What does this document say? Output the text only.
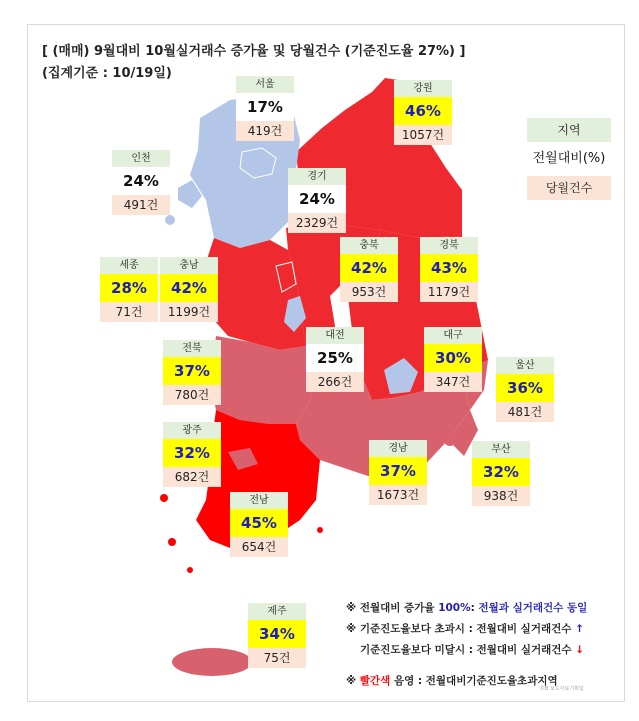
[ (매매) 9월대비 10월실거래수 증가율 및 당월건수 (기준진도율 27%) ]
(집계기준 : 10/19일)
서울
17%
419건
강원
46%
1057건
인천
24%
491건
경기
24%
2329건
세종
28%
71건
충남
42%
1199건
충북
42%
953건
경북
43%
1179건
대전
25%
266건
대구
30%
347건
울산
36%
481건
전북
37%
780건
광주
32%
682건
경남
37%
1673건
부산
32%
938건
전남
45%
654건
제주
34%
75건
지역
전월대비(%)
당월건수
※ 전월대비 증가율 100%: 전월과 실거래건수 동일
※ 기준진도율보다 초과시 : 전월대비 실거래건수 ↑
기준진도율보다 미달시 : 전월대비 실거래건수 ↓
※ 빨간색 음영 : 전월대비기준진도율초과지역
©B 보도자료기획팀
